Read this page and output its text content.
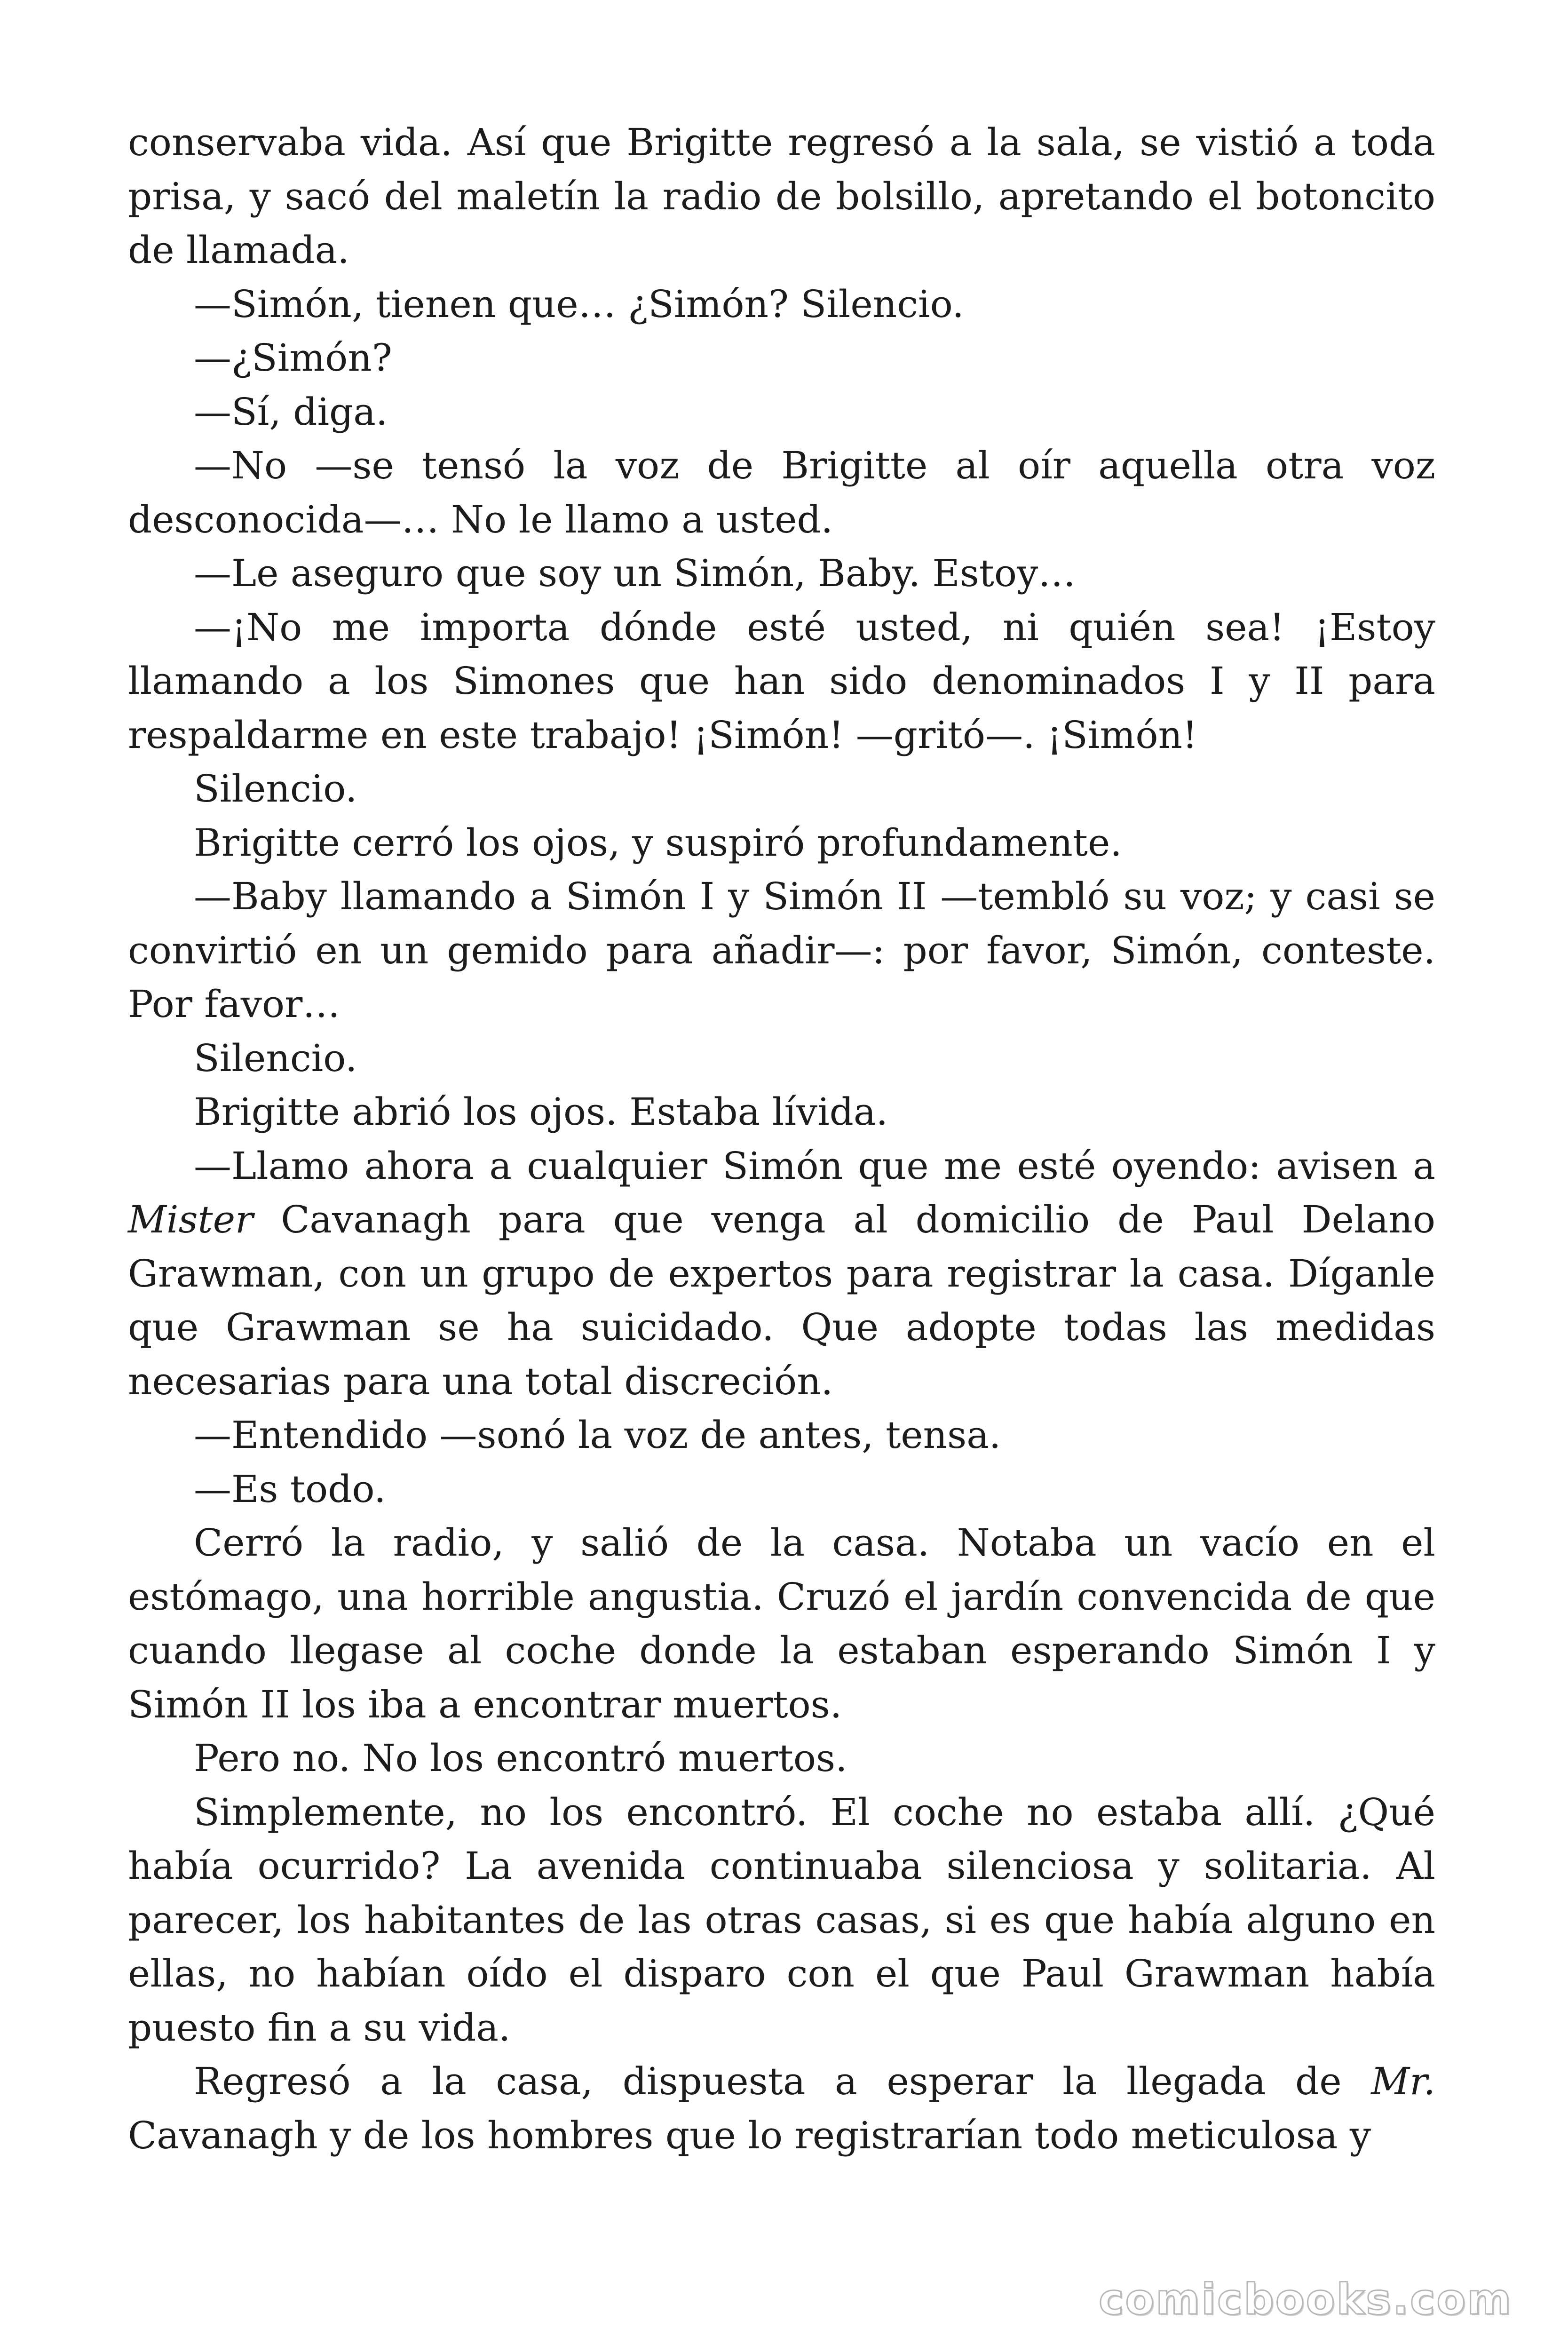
conservaba vida. Así que Brigitte regresó a la sala, se vistió a toda prisa, y sacó del maletín la radio de bolsillo, apretando el botoncito de llamada.

—Simón, tienen que… ¿Simón? Silencio.

—¿Simón?

—Sí, diga.

—No —se tensó la voz de Brigitte al oír aquella otra voz desconocida—… No le llamo a usted.

—Le aseguro que soy un Simón, Baby. Estoy…

—¡No me importa dónde esté usted, ni quién sea! ¡Estoy llamando a los Simones que han sido denominados I y II para respaldarme en este trabajo! ¡Simón! —gritó—. ¡Simón!

Silencio.

Brigitte cerró los ojos, y suspiró profundamente.

—Baby llamando a Simón I y Simón II —tembló su voz; y casi se convirtió en un gemido para añadir—: por favor, Simón, conteste. Por favor…

Silencio.

Brigitte abrió los ojos. Estaba lívida.

—Llamo ahora a cualquier Simón que me esté oyendo: avisen a Mister Cavanagh para que venga al domicilio de Paul Delano Grawman, con un grupo de expertos para registrar la casa. Díganle que Grawman se ha suicidado. Que adopte todas las medidas necesarias para una total discreción.

—Entendido —sonó la voz de antes, tensa.

—Es todo.

Cerró la radio, y salió de la casa. Notaba un vacío en el estómago, una horrible angustia. Cruzó el jardín convencida de que cuando llegase al coche donde la estaban esperando Simón I y Simón II los iba a encontrar muertos.

Pero no. No los encontró muertos.

Simplemente, no los encontró. El coche no estaba allí. ¿Qué había ocurrido? La avenida continuaba silenciosa y solitaria. Al parecer, los habitantes de las otras casas, si es que había alguno en ellas, no habían oído el disparo con el que Paul Grawman había puesto fin a su vida.

Regresó a la casa, dispuesta a esperar la llegada de Mr. Cavanagh y de los hombres que lo registrarían todo meticulosa y

comicbooks.com
